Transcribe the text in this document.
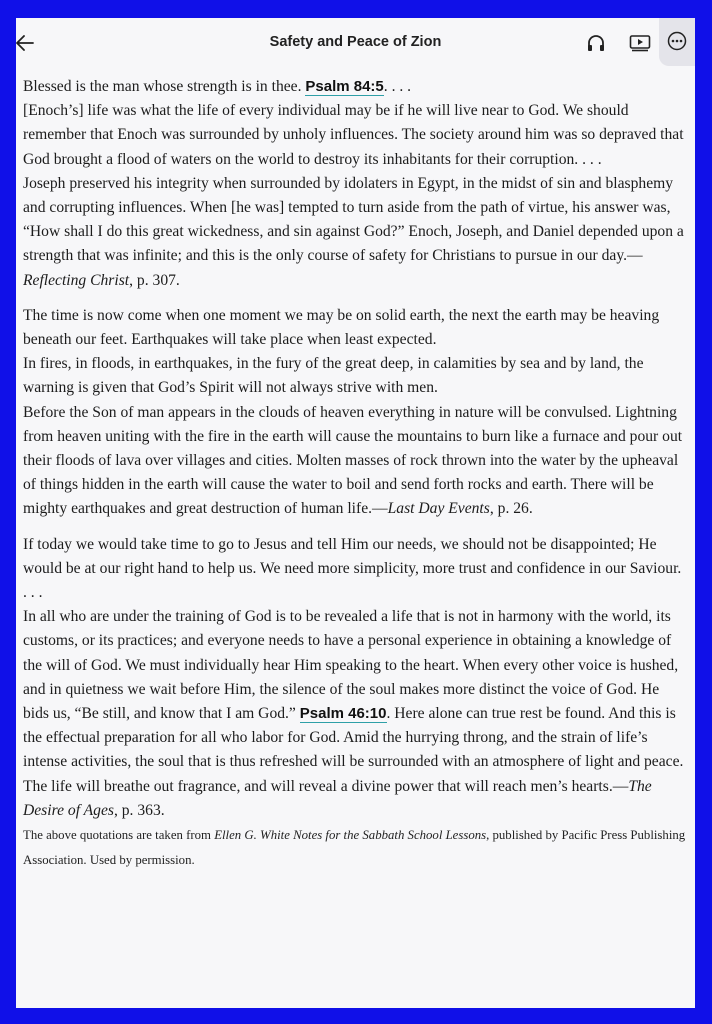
Safety and Peace of Zion

Blessed is the man whose strength is in thee. Psalm 84:5. . . .

[Enoch’s] life was what the life of every individual may be if he will live near to God. We should remember that Enoch was surrounded by unholy influences. The society around him was so depraved that God brought a flood of waters on the world to destroy its inhabitants for their corruption. . . .

Joseph preserved his integrity when surrounded by idolaters in Egypt, in the midst of sin and blasphemy and corrupting influences. When [he was] tempted to turn aside from the path of virtue, his answer was, “How shall I do this great wickedness, and sin against God?” Enoch, Joseph, and Daniel depended upon a strength that was infinite; and this is the only course of safety for Christians to pursue in our day.—Reflecting Christ, p. 307.

The time is now come when one moment we may be on solid earth, the next the earth may be heaving beneath our feet. Earthquakes will take place when least expected.

In fires, in floods, in earthquakes, in the fury of the great deep, in calamities by sea and by land, the warning is given that God’s Spirit will not always strive with men.

Before the Son of man appears in the clouds of heaven everything in nature will be convulsed. Lightning from heaven uniting with the fire in the earth will cause the mountains to burn like a furnace and pour out their floods of lava over villages and cities. Molten masses of rock thrown into the water by the upheaval of things hidden in the earth will cause the water to boil and send forth rocks and earth. There will be mighty earthquakes and great destruction of human life.—Last Day Events, p. 26.

If today we would take time to go to Jesus and tell Him our needs, we should not be disappointed; He would be at our right hand to help us. We need more simplicity, more trust and confidence in our Saviour. . . .

In all who are under the training of God is to be revealed a life that is not in harmony with the world, its customs, or its practices; and everyone needs to have a personal experience in obtaining a knowledge of the will of God. We must individually hear Him speaking to the heart. When every other voice is hushed, and in quietness we wait before Him, the silence of the soul makes more distinct the voice of God. He bids us, “Be still, and know that I am God.” Psalm 46:10. Here alone can true rest be found. And this is the effectual preparation for all who labor for God. Amid the hurrying throng, and the strain of life’s intense activities, the soul that is thus refreshed will be surrounded with an atmosphere of light and peace. The life will breathe out fragrance, and will reveal a divine power that will reach men’s hearts.—The Desire of Ages, p. 363.

The above quotations are taken from Ellen G. White Notes for the Sabbath School Lessons, published by Pacific Press Publishing Association. Used by permission.
